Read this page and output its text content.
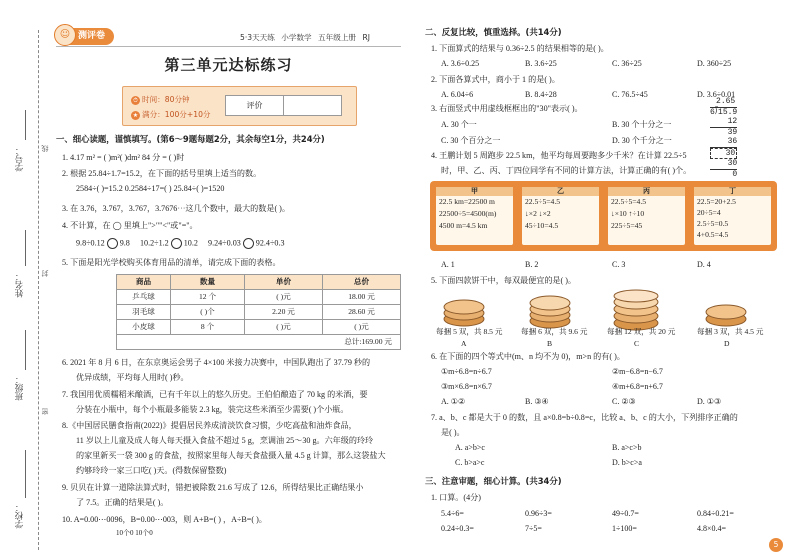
学号：
姓名：
班级：
学校：
线
封
密
☺ 测评卷	5·3天天练 小学数学 五年级上册 RJ
第三单元达标练习
⏱ 时间：80分钟
★ 满分：100分+10分
评价	
一、细心读题，谨慎填写。(第6～9题每题2分，其余每空1分，共24分)
1. 4.17 m² = ( )m²( )dm² 84 分 = ( )时
2. 根据 25.84÷1.7=15.2，在下面的括号里填上适当的数。
2584÷( )=15.2 0.2584÷17=( ) 25.84÷( )=1520
3. 在 3.76，3.767，3.767，3.7676⋯这几个数中，最大的数是( )。
4. 不计算，在 ◯ 里填上">""<"或"="。
9.8÷0.12 9.8 10.2÷1.2 10.2 9.24÷0.03 92.4÷0.3
5. 下面是阳光学校购买体育用品的清单，请完成下面的表格。
商品	数量	单价	总价
乒乓球	12 个	( )元	18.00 元
羽毛球	( )个	2.20 元	28.60 元
小皮球	8 个	( )元	( )元
总计:169.00 元			
6. 2021 年 8 月 6 日，在东京奥运会男子 4×100 米接力决赛中，中国队跑出了 37.79 秒的
优异成绩，平均每人用时( )秒。
7. 我国用优质糯稻米酿酒，已有千年以上的悠久历史。王伯伯酿造了 70 kg 的米酒，要
分装在小瓶中，每个小瓶最多能装 2.3 kg，装完这些米酒至少需要( )个小瓶。
8.《中国居民膳食指南(2022)》提倡居民养成清淡饮食习惯，少吃高盐和油炸食品，
11 岁以上儿童及成人每人每天摄入食盐不超过 5 g，烹调油 25～30 g。六年级的玲玲
的家里新买一袋 300 g 的食盐，按照家里每人每天食盐摄入量 4.5 g 计算，那么这袋盐大
约够玲玲一家三口吃( )天。(得数保留整数)
9. 贝贝在计算一道除法算式时，错把被除数 21.6 写成了 12.6，所得结果比正确结果小
了 7.5。正确的结果是( )。
10. A=0.00⋯0096，B=0.00⋯003，则 A+B=( ) ，A÷B=( )。
10个0 10个0
二、反复比较，慎重选择。(共14分)
1. 下面算式的结果与 0.36÷2.5 的结果相等的是( )。
A. 3.6÷0.25	B. 3.6÷25	C. 36÷25	D. 360÷25
2. 下面各算式中，商小于 1 的是( )。
A. 6.04÷6	B. 8.4÷28	C. 76.5÷45	D. 3.6÷0.01
3. 右面竖式中用虚线框框出的"30"表示( )。
A. 30 个一	B. 30 个十分之一
C. 30 个百分之一	D. 30 个千分之一
2.65
6⟌15.9
12
39
36
30
30
0
4. 王鹏计划 5 周跑步 22.5 km，他平均每周要跑多少千米？在计算 22.5÷5
时，甲、乙、丙、丁四位同学有不同的计算方法，计算正确的有( )个。
甲
22.5 km=22500 m
22500÷5=4500(m)
4500 m=4.5 km
乙
22.5÷5=4.5
↓×2 ↓×2
45÷10=4.5
丙
22.5÷5=4.5
↓×10 ↑÷10
225÷5=45
丁
22.5=20+2.5
20÷5=4
2.5÷5=0.5
4+0.5=4.5
A. 1	B. 2	C. 3	D. 4
5. 下面四款饼干中，每双最便宜的是( )。
每捆 5 双，共 8.5 元 每捆 6 双，共 9.6 元	每捆 12 双，共 20 元	每捆 3 双，共 4.5 元
A	B	C	D
6. 在下面的四个等式中(m、n 均不为 0)，m>n 的有( )。
①m÷6.8=n÷6.7	②m−6.8=n−6.7
③m×6.8=n×6.7	④m+6.8=n+6.7
A. ①②	B. ③④	C. ②③	D. ①③
7. a、b、c 都是大于 0 的数，且 a×0.8=b÷0.8=c，比较 a、b、c 的大小，下列排序正确的
是( )。
A. a>b>c	B. a>c>b
C. b>a>c	D. b>c>a
三、注意审题，细心计算。(共34分)
1. 口算。(4分)
5.4÷6=	0.96÷3=	49÷0.7=	0.84÷0.21=
0.24÷0.3=	7÷5=	1÷100=	4.8×0.4=
5
